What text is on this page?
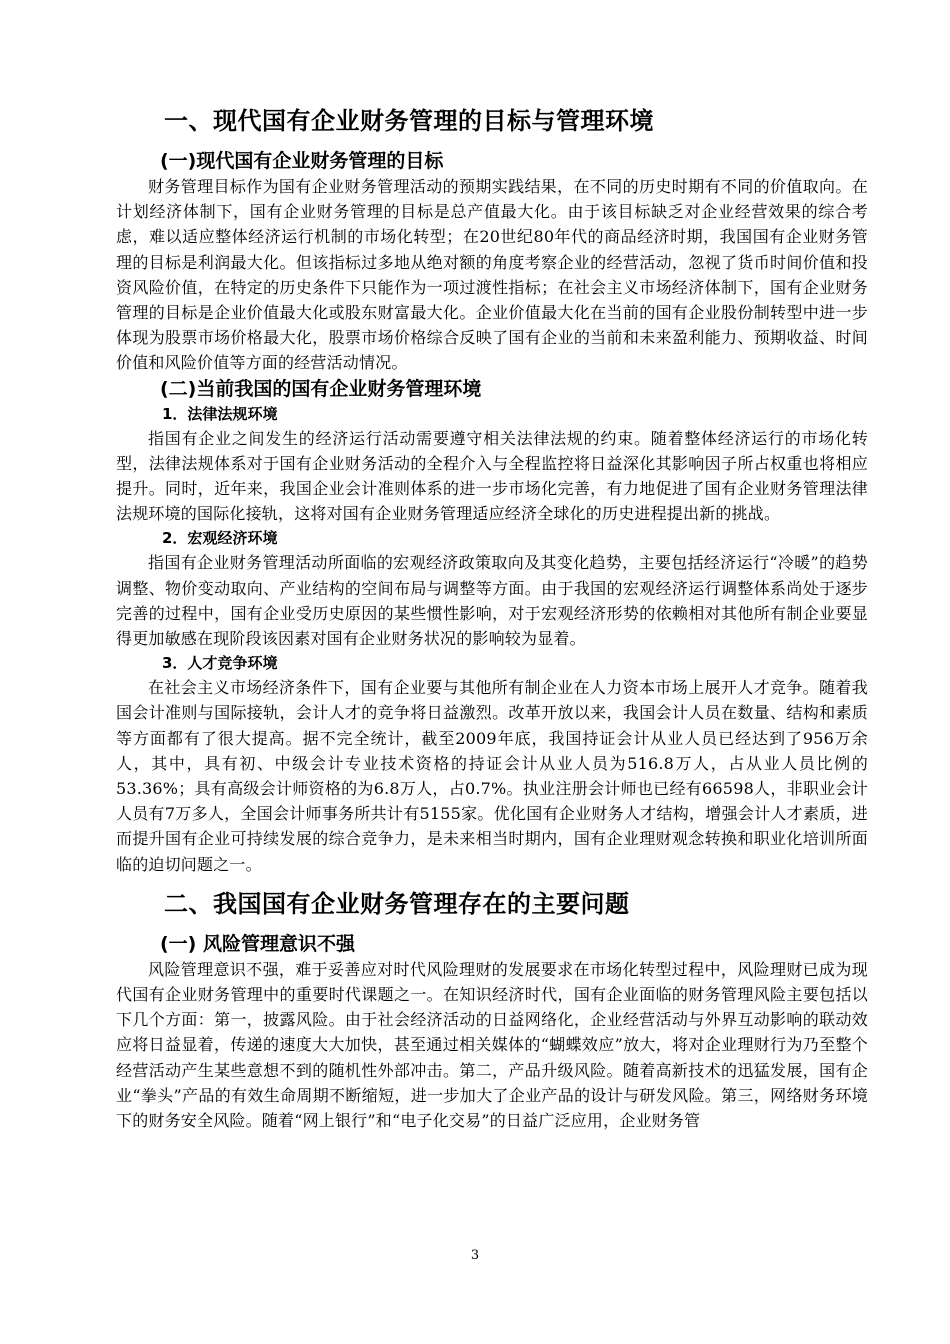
一、现代国有企业财务管理的目标与管理环境
(一)现代国有企业财务管理的目标

财务管理目标作为国有企业财务管理活动的预期实践结果，在不同的历史时期有不同的价值取向。在计划经济体制下，国有企业财务管理的目标是总产值最大化。由于该目标缺乏对企业经营效果的综合考虑，难以适应整体经济运行机制的市场化转型；在20世纪80年代的商品经济时期，我国国有企业财务管理的目标是利润最大化。但该指标过多地从绝对额的角度考察企业的经营活动，忽视了货币时间价值和投资风险价值，在特定的历史条件下只能作为一项过渡性指标；在社会主义市场经济体制下，国有企业财务管理的目标是企业价值最大化或股东财富最大化。企业价值最大化在当前的国有企业股份制转型中进一步体现为股票市场价格最大化，股票市场价格综合反映了国有企业的当前和未来盈利能力、预期收益、时间价值和风险价值等方面的经营活动情况。

(二)当前我国的国有企业财务管理环境
1．法律法规环境

指国有企业之间发生的经济运行活动需要遵守相关法律法规的约束。随着整体经济运行的市场化转型，法律法规体系对于国有企业财务活动的全程介入与全程监控将日益深化其影响因子所占权重也将相应提升。同时，近年来，我国企业会计准则体系的进一步市场化完善，有力地促进了国有企业财务管理法律法规环境的国际化接轨，这将对国有企业财务管理适应经济全球化的历史进程提出新的挑战。

2．宏观经济环境

指国有企业财务管理活动所面临的宏观经济政策取向及其变化趋势，主要包括经济运行“冷暖”的趋势调整、物价变动取向、产业结构的空间布局与调整等方面。由于我国的宏观经济运行调整体系尚处于逐步完善的过程中，国有企业受历史原因的某些惯性影响，对于宏观经济形势的依赖相对其他所有制企业要显得更加敏感在现阶段该因素对国有企业财务状况的影响较为显着。

3．人才竞争环境

在社会主义市场经济条件下，国有企业要与其他所有制企业在人力资本市场上展开人才竞争。随着我国会计准则与国际接轨，会计人才的竞争将日益激烈。改革开放以来，我国会计人员在数量、结构和素质等方面都有了很大提高。据不完全统计，截至2009年底，我国持证会计从业人员已经达到了956万余人，其中，具有初、中级会计专业技术资格的持证会计从业人员为516.8万人，占从业人员比例的53.36%；具有高级会计师资格的为6.8万人，占0.7%。执业注册会计师也已经有66598人，非职业会计人员有7万多人，全国会计师事务所共计有5155家。优化国有企业财务人才结构，增强会计人才素质，进而提升国有企业可持续发展的综合竞争力，是未来相当时期内，国有企业理财观念转换和职业化培训所面临的迫切问题之一。

二、我国国有企业财务管理存在的主要问题
(一) 风险管理意识不强

风险管理意识不强，难于妥善应对时代风险理财的发展要求在市场化转型过程中，风险理财已成为现代国有企业财务管理中的重要时代课题之一。在知识经济时代，国有企业面临的财务管理风险主要包括以下几个方面：第一，披露风险。由于社会经济活动的日益网络化，企业经营活动与外界互动影响的联动效应将日益显着，传递的速度大大加快，甚至通过相关媒体的“蝴蝶效应”放大，将对企业理财行为乃至整个经营活动产生某些意想不到的随机性外部冲击。第二，产品升级风险。随着高新技术的迅猛发展，国有企业“拳头”产品的有效生命周期不断缩短，进一步加大了企业产品的设计与研发风险。第三，网络财务环境下的财务安全风险。随着“网上银行”和“电子化交易”的日益广泛应用，企业财务管

3
